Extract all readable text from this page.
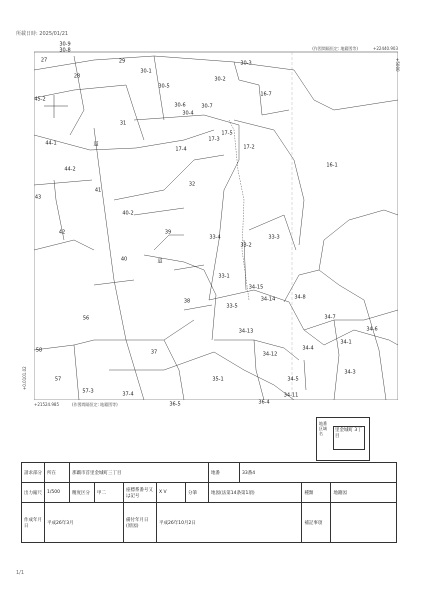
所載日時: 2025/01/21
30-9
30-8
27
28
29
30-1
30-2
30-3
30-5
30-6	30-7
30-4
16-7
45-2
31
17-5
17-4
17-3
17-2
44-1
44-2
16-1
41
32
43
40-2
39
33-4
33-2
33-3
42
40
33-1
34-15
34-14	34-8
38
33-5
56	34-7
34-6
34-13
34-1
58	37	34-12
34-4
57	35-1	34-5
34-3
57-3	37-4	34-11
36-5	36-4
道
道
(作図間隔恒定: 地籍図等)	+22440.903
+21524.985	(作図間隔恒定: 地籍図等)
+0.0101.02
+5000
地番区域名
里金城町 3丁目
請求部分	所在	那覇市首里金城町三丁目					地番	33番4		
出力縮尺	1/500	精度区分	甲二	座標系番号又は記号	X V	分筆	地図(法第14条第1項)		種類	地籍図
作成年月日	平成26年3月			備付年月日(原図)	平成26年10月2日				補記事項	
1/1
